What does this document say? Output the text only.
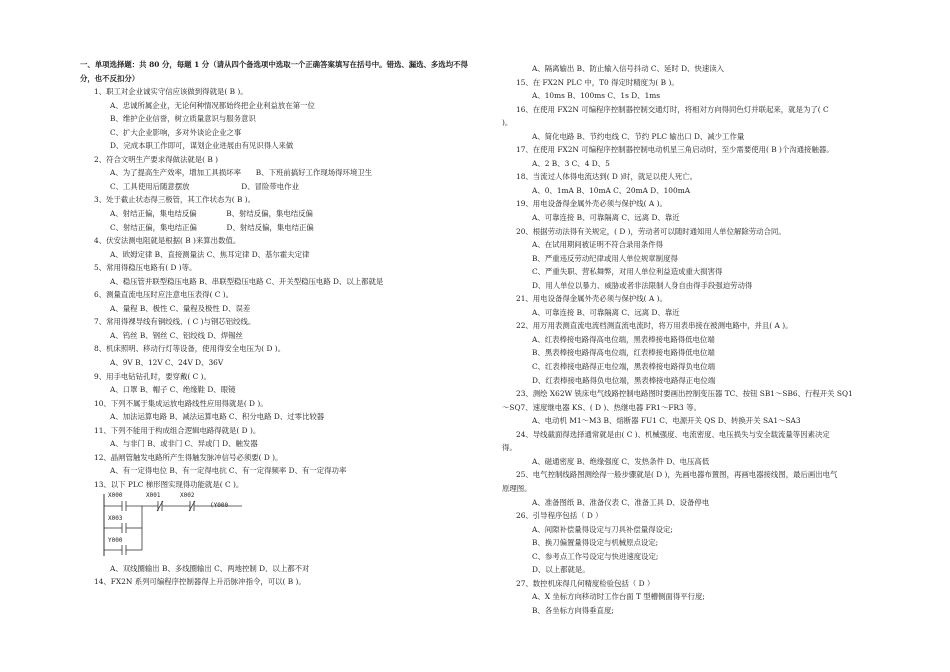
一、单项选择题：共 80 分，每题 1 分（请从四个备选项中选取一个正确答案填写在括号中。错选、漏选、多选均不得分，也不反扣分）
1、职工对企业诚实守信应该做到得就是( B )。
A、忠诚所属企业，无论何种情况都始终把企业利益放在第一位
B、维护企业信誉，树立质量意识与服务意识
C、扩大企业影响，多对外谈论企业之事
D、完成本职工作即可，谋划企业进展由有见识得人来做
2、符合文明生产要求得做法就是( B )
A、为了提高生产效率，增加工具损坏率　　B、下班前搞好工作现场得环境卫生
C、工具使用后随意摆放　　　　　　　D、冒险带电作业
3、处于截止状态得三极管，其工作状态为( B )。
A、射结正偏，集电结反偏　　　　B、射结反偏，集电结反偏
C、射结正偏，集电结正偏　　　　D、射结反偏，集电结正偏
4、伏安法测电阻就是根据( B )来算出数值。
A、欧姆定律 B、直接测量法 C、焦耳定律 D、基尔霍夫定律
5、常用得稳压电路有( D )等。
A、稳压管并联型稳压电路 B、串联型稳压电路 C、开关型稳压电路 D、以上都就是
6、测量直流电压时应注意电压表得( C )。
A、量程 B、极性 C、量程及极性 D、误差
7、常用得裸导线有铜绞线、( C )与钢芯铝绞线。
A、钨丝 B、钢丝 C、铝绞线 D、焊锡丝
8、机床照明、移动行灯等设备，使用得安全电压为( D )。
A、9V B、12V C、24V D、36V
9、用手电钻钻孔时，要穿戴( C )。
A、口罩 B、帽子 C、绝缘鞋 D、眼镜
10、下列不属于集成运放电路线性应用得就是( D )。
A、加法运算电路 B、减法运算电路 C、积分电路 D、过零比较器
11、下列不能用于构成组合逻辑电路得就是( D )。
A、与非门 B、或非门 C、异或门 D、触发器
12、晶闸管触发电路所产生得触发脉冲信号必须要( D )。
A、有一定得电位 B、有一定得电抗 C、有一定得频率 D、有一定得功率
13、以下 PLC 梯形图实现得功能就是( C )。
X000	X001	X002
(Y000
X003
Y000
A、双线圈输出 B、多线圈输出 C、两地控制 D、以上都不对
14、FX2N 系列可编程序控制器得上升沿脉冲指令，可以( B )。
A、隔离输出 B、防止输入信号抖动 C、延时 D、快速读入
15、在 FX2N PLC 中，T0 得定时精度为( B )。
A、10ms B、100ms C、1s D、1ms
16、在使用 FX2N 可编程序控制器控制交通灯时，将相对方向得同色灯并联起来，就是为了( C
)。
A、简化电路 B、节约电线 C、节约 PLC 输出口 D、减少工作量
17、在使用 FX2N 可编程序控制器控制电动机星三角启动时，至少需要使用( B )个沟通接触器。
A、2 B、3 C、4 D、5
18、当流过人体得电流达到( D )时，就足以使人死亡。
A、0、1mA B、10mA C、20mA D、100mA
19、用电设备得金属外壳必须与保护线( A )。
A、可靠连接 B、可靠隔离 C、远离 D、靠近
20、根据劳动法得有关规定，( D )，劳动者可以随时通知用人单位解除劳动合同。
A、在试用期间被证明不符合录用条件得
B、严重违反劳动纪律或用人单位规章制度得
C、严重失职、营私舞弊，对用人单位利益造成重大损害得
D、用人单位以暴力、威胁或者非法限制人身自由得手段强迫劳动得
21、用电设备得金属外壳必须与保护线( A )。
A、可靠连接 B、可靠隔离 C、远离 D、靠近
22、用万用表测直流电流档测直流电流时，将万用表串接在被测电路中，并且( A )。
A、红表棒接电路得高电位端，黑表棒接电路得低电位端
B、黑表棒接电路得高电位端，红表棒接电路得低电位端
C、红表棒接电路得正电位端，黑表棒接电路得负电位端
D、红表棒接电路得负电位端，黑表棒接电路得正电位端
23、测绘 X62W 铣床电气线路控制电路图时要画出控制变压器 TC、按钮 SB1～SB6、行程开关 SQ1
～SQ7、速度继电器 KS、( D )、热继电器 FR1～FR3 等。
A、电动机 M1～M3 B、熔断器 FU1 C、电源开关 QS D、转换开关 SA1～SA3
24、导线截面得选择通常就是由( C )、机械强度、电流密度、电压损失与安全载流量等因素决定
得。
A、磁通密度 B、绝缘强度 C、发热条件 D、电压高低
25、电气控制线路图测绘得一般步骤就是( D )，先画电器布置图，再画电器接线图，最后画出电气
原理图。
A、准备图纸 B、准备仪表 C、准备工具 D、设备停电
26、引导程序包括（ D ）
A、间隙补偿量得设定与刀具补偿量得设定;
B、换刀偏置量得设定与机械原点设定;
C、参考点工作号设定与快进速度设定;
D、以上都就是。
27、数控机床得几何精度检验包括（ D ）
A、X 坐标方向移动时工作台面 T 型槽侧面得平行度;
B、各坐标方向得垂直度;
